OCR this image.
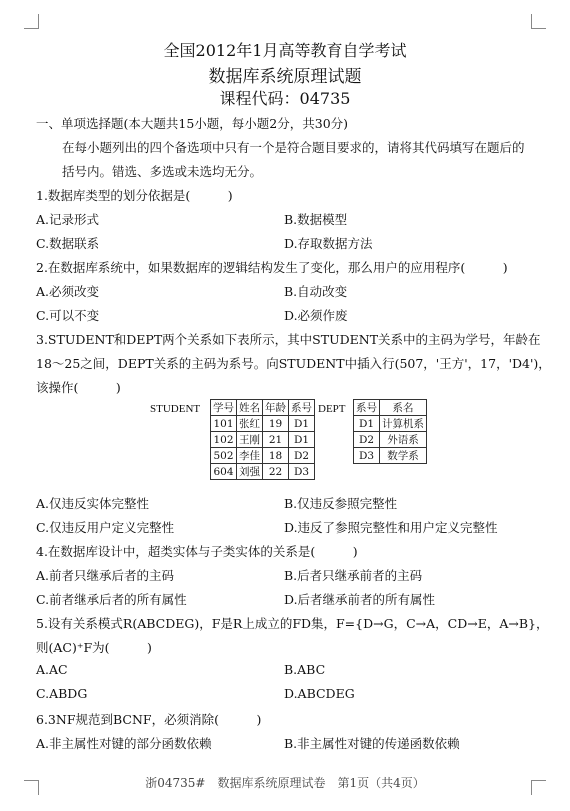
全国2012年1月高等教育自学考试
数据库系统原理试题
课程代码：04735
一、单项选择题(本大题共15小题，每小题2分，共30分)
在每小题列出的四个备选项中只有一个是符合题目要求的，请将其代码填写在题后的
括号内。错选、多选或未选均无分。
1.数据库类型的划分依据是(　　　)
A.记录形式	B.数据模型
C.数据联系	D.存取数据方法
2.在数据库系统中，如果数据库的逻辑结构发生了变化，那么用户的应用程序(　　　)
A.必须改变	B.自动改变
C.可以不变	D.必须作废
3.STUDENT和DEPT两个关系如下表所示，其中STUDENT关系中的主码为学号，年龄在
18～25之间，DEPT关系的主码为系号。向STUDENT中插入行(507，'王方'，17，'D4')，
该操作(　　　)
STUDENT 学号	姓名	年龄	系号
101	张红	19	D1
102	王刚	21	D1
502	李佳	18	D2
604	刘强	22	D3
DEPT 系号	系名
D1	计算机系
D2	外语系
D3	数学系
A.仅违反实体完整性	B.仅违反参照完整性
C.仅违反用户定义完整性	D.违反了参照完整性和用户定义完整性
4.在数据库设计中，超类实体与子类实体的关系是(　　　)
A.前者只继承后者的主码	B.后者只继承前者的主码
C.前者继承后者的所有属性	D.后者继承前者的所有属性
5.设有关系模式R(ABCDEG)，F是R上成立的FD集，F={D→G，C→A，CD→E，A→B}，
则(AC)⁺F为(　　　)
A.AC	B.ABC
C.ABDG	D.ABCDEG
6.3NF规范到BCNF，必须消除(　　　)
A.非主属性对键的部分函数依赖	B.非主属性对键的传递函数依赖
浙04735#　数据库系统原理试卷　第1页（共4页）
